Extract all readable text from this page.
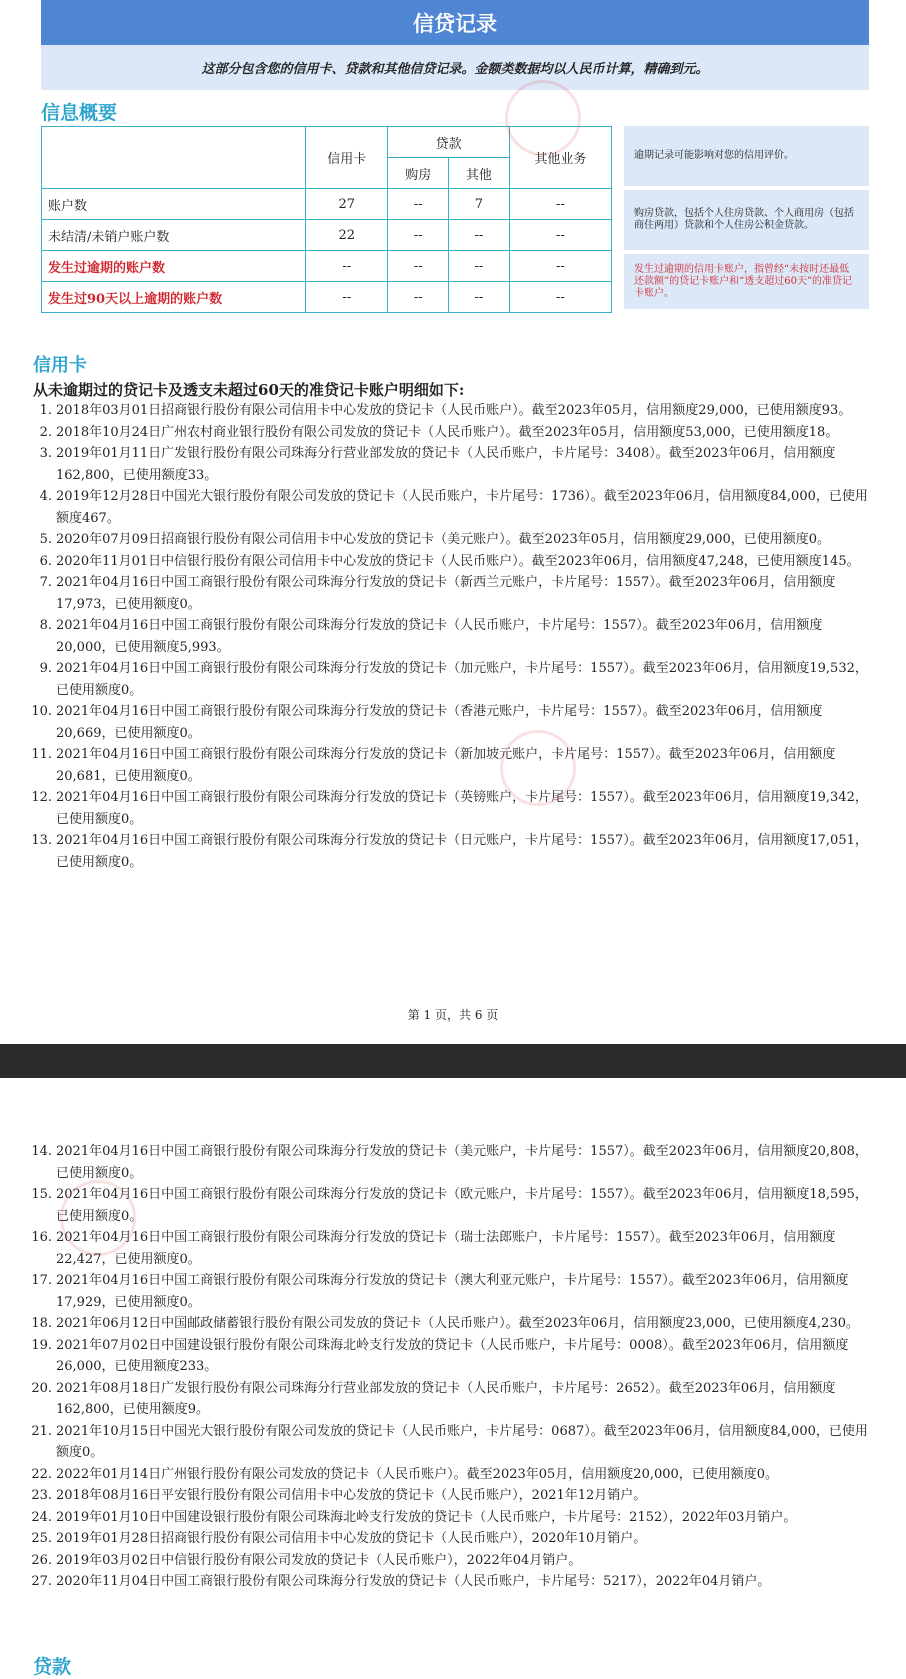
信贷记录
这部分包含您的信用卡、贷款和其他信贷记录。金额类数据均以人民币计算，精确到元。
信息概要
	信用卡	贷款		其他业务
		购房	其他	
账户数	27	--	7	--
未结清/未销户账户数	22	--	--	--
发生过逾期的账户数	--	--	--	--
发生过90天以上逾期的账户数	--	--	--	--
逾期记录可能影响对您的信用评价。
购房贷款，包括个人住房贷款、个人商用房（包括商住两用）贷款和个人住房公积金贷款。
发生过逾期的信用卡账户，指曾经“未按时还最低还款额”的贷记卡账户和“透支超过60天”的准贷记卡账户。
信用卡
从未逾期过的贷记卡及透支未超过60天的准贷记卡账户明细如下:
1. 2018年03月01日招商银行股份有限公司信用卡中心发放的贷记卡（人民币账户）。截至2023年05月，信用额度29,000，已使用额度93。
2. 2018年10月24日广州农村商业银行股份有限公司发放的贷记卡（人民币账户）。截至2023年05月，信用额度53,000，已使用额度18。
3. 2019年01月11日广发银行股份有限公司珠海分行营业部发放的贷记卡（人民币账户，卡片尾号：3408）。截至2023年06月，信用额度162,800，已使用额度33。
4. 2019年12月28日中国光大银行股份有限公司发放的贷记卡（人民币账户，卡片尾号：1736）。截至2023年06月，信用额度84,000，已使用额度467。
5. 2020年07月09日招商银行股份有限公司信用卡中心发放的贷记卡（美元账户）。截至2023年05月，信用额度29,000，已使用额度0。
6. 2020年11月01日中信银行股份有限公司信用卡中心发放的贷记卡（人民币账户）。截至2023年06月，信用额度47,248，已使用额度145。
7. 2021年04月16日中国工商银行股份有限公司珠海分行发放的贷记卡（新西兰元账户，卡片尾号：1557）。截至2023年06月，信用额度17,973，已使用额度0。
8. 2021年04月16日中国工商银行股份有限公司珠海分行发放的贷记卡（人民币账户，卡片尾号：1557）。截至2023年06月，信用额度20,000，已使用额度5,993。
9. 2021年04月16日中国工商银行股份有限公司珠海分行发放的贷记卡（加元账户，卡片尾号：1557）。截至2023年06月，信用额度19,532，已使用额度0。
10. 2021年04月16日中国工商银行股份有限公司珠海分行发放的贷记卡（香港元账户，卡片尾号：1557）。截至2023年06月，信用额度20,669，已使用额度0。
11. 2021年04月16日中国工商银行股份有限公司珠海分行发放的贷记卡（新加坡元账户，卡片尾号：1557）。截至2023年06月，信用额度20,681，已使用额度0。
12. 2021年04月16日中国工商银行股份有限公司珠海分行发放的贷记卡（英镑账户，卡片尾号：1557）。截至2023年06月，信用额度19,342，已使用额度0。
13. 2021年04月16日中国工商银行股份有限公司珠海分行发放的贷记卡（日元账户，卡片尾号：1557）。截至2023年06月，信用额度17,051，已使用额度0。
第 1 页，共 6 页
14. 2021年04月16日中国工商银行股份有限公司珠海分行发放的贷记卡（美元账户，卡片尾号：1557）。截至2023年06月，信用额度20,808，已使用额度0。
15. 2021年04月16日中国工商银行股份有限公司珠海分行发放的贷记卡（欧元账户，卡片尾号：1557）。截至2023年06月，信用额度18,595，已使用额度0。
16. 2021年04月16日中国工商银行股份有限公司珠海分行发放的贷记卡（瑞士法郎账户，卡片尾号：1557）。截至2023年06月，信用额度22,427，已使用额度0。
17. 2021年04月16日中国工商银行股份有限公司珠海分行发放的贷记卡（澳大利亚元账户，卡片尾号：1557）。截至2023年06月，信用额度17,929，已使用额度0。
18. 2021年06月12日中国邮政储蓄银行股份有限公司发放的贷记卡（人民币账户）。截至2023年06月，信用额度23,000，已使用额度4,230。
19. 2021年07月02日中国建设银行股份有限公司珠海北岭支行发放的贷记卡（人民币账户，卡片尾号：0008）。截至2023年06月，信用额度26,000，已使用额度233。
20. 2021年08月18日广发银行股份有限公司珠海分行营业部发放的贷记卡（人民币账户，卡片尾号：2652）。截至2023年06月，信用额度162,800，已使用额度9。
21. 2021年10月15日中国光大银行股份有限公司发放的贷记卡（人民币账户，卡片尾号：0687）。截至2023年06月，信用额度84,000，已使用额度0。
22. 2022年01月14日广州银行股份有限公司发放的贷记卡（人民币账户）。截至2023年05月，信用额度20,000，已使用额度0。
23. 2018年08月16日平安银行股份有限公司信用卡中心发放的贷记卡（人民币账户），2021年12月销户。
24. 2019年01月10日中国建设银行股份有限公司珠海北岭支行发放的贷记卡（人民币账户，卡片尾号：2152），2022年03月销户。
25. 2019年01月28日招商银行股份有限公司信用卡中心发放的贷记卡（人民币账户），2020年10月销户。
26. 2019年03月02日中信银行股份有限公司发放的贷记卡（人民币账户），2022年04月销户。
27. 2020年11月04日中国工商银行股份有限公司珠海分行发放的贷记卡（人民币账户，卡片尾号：5217），2022年04月销户。
贷款
